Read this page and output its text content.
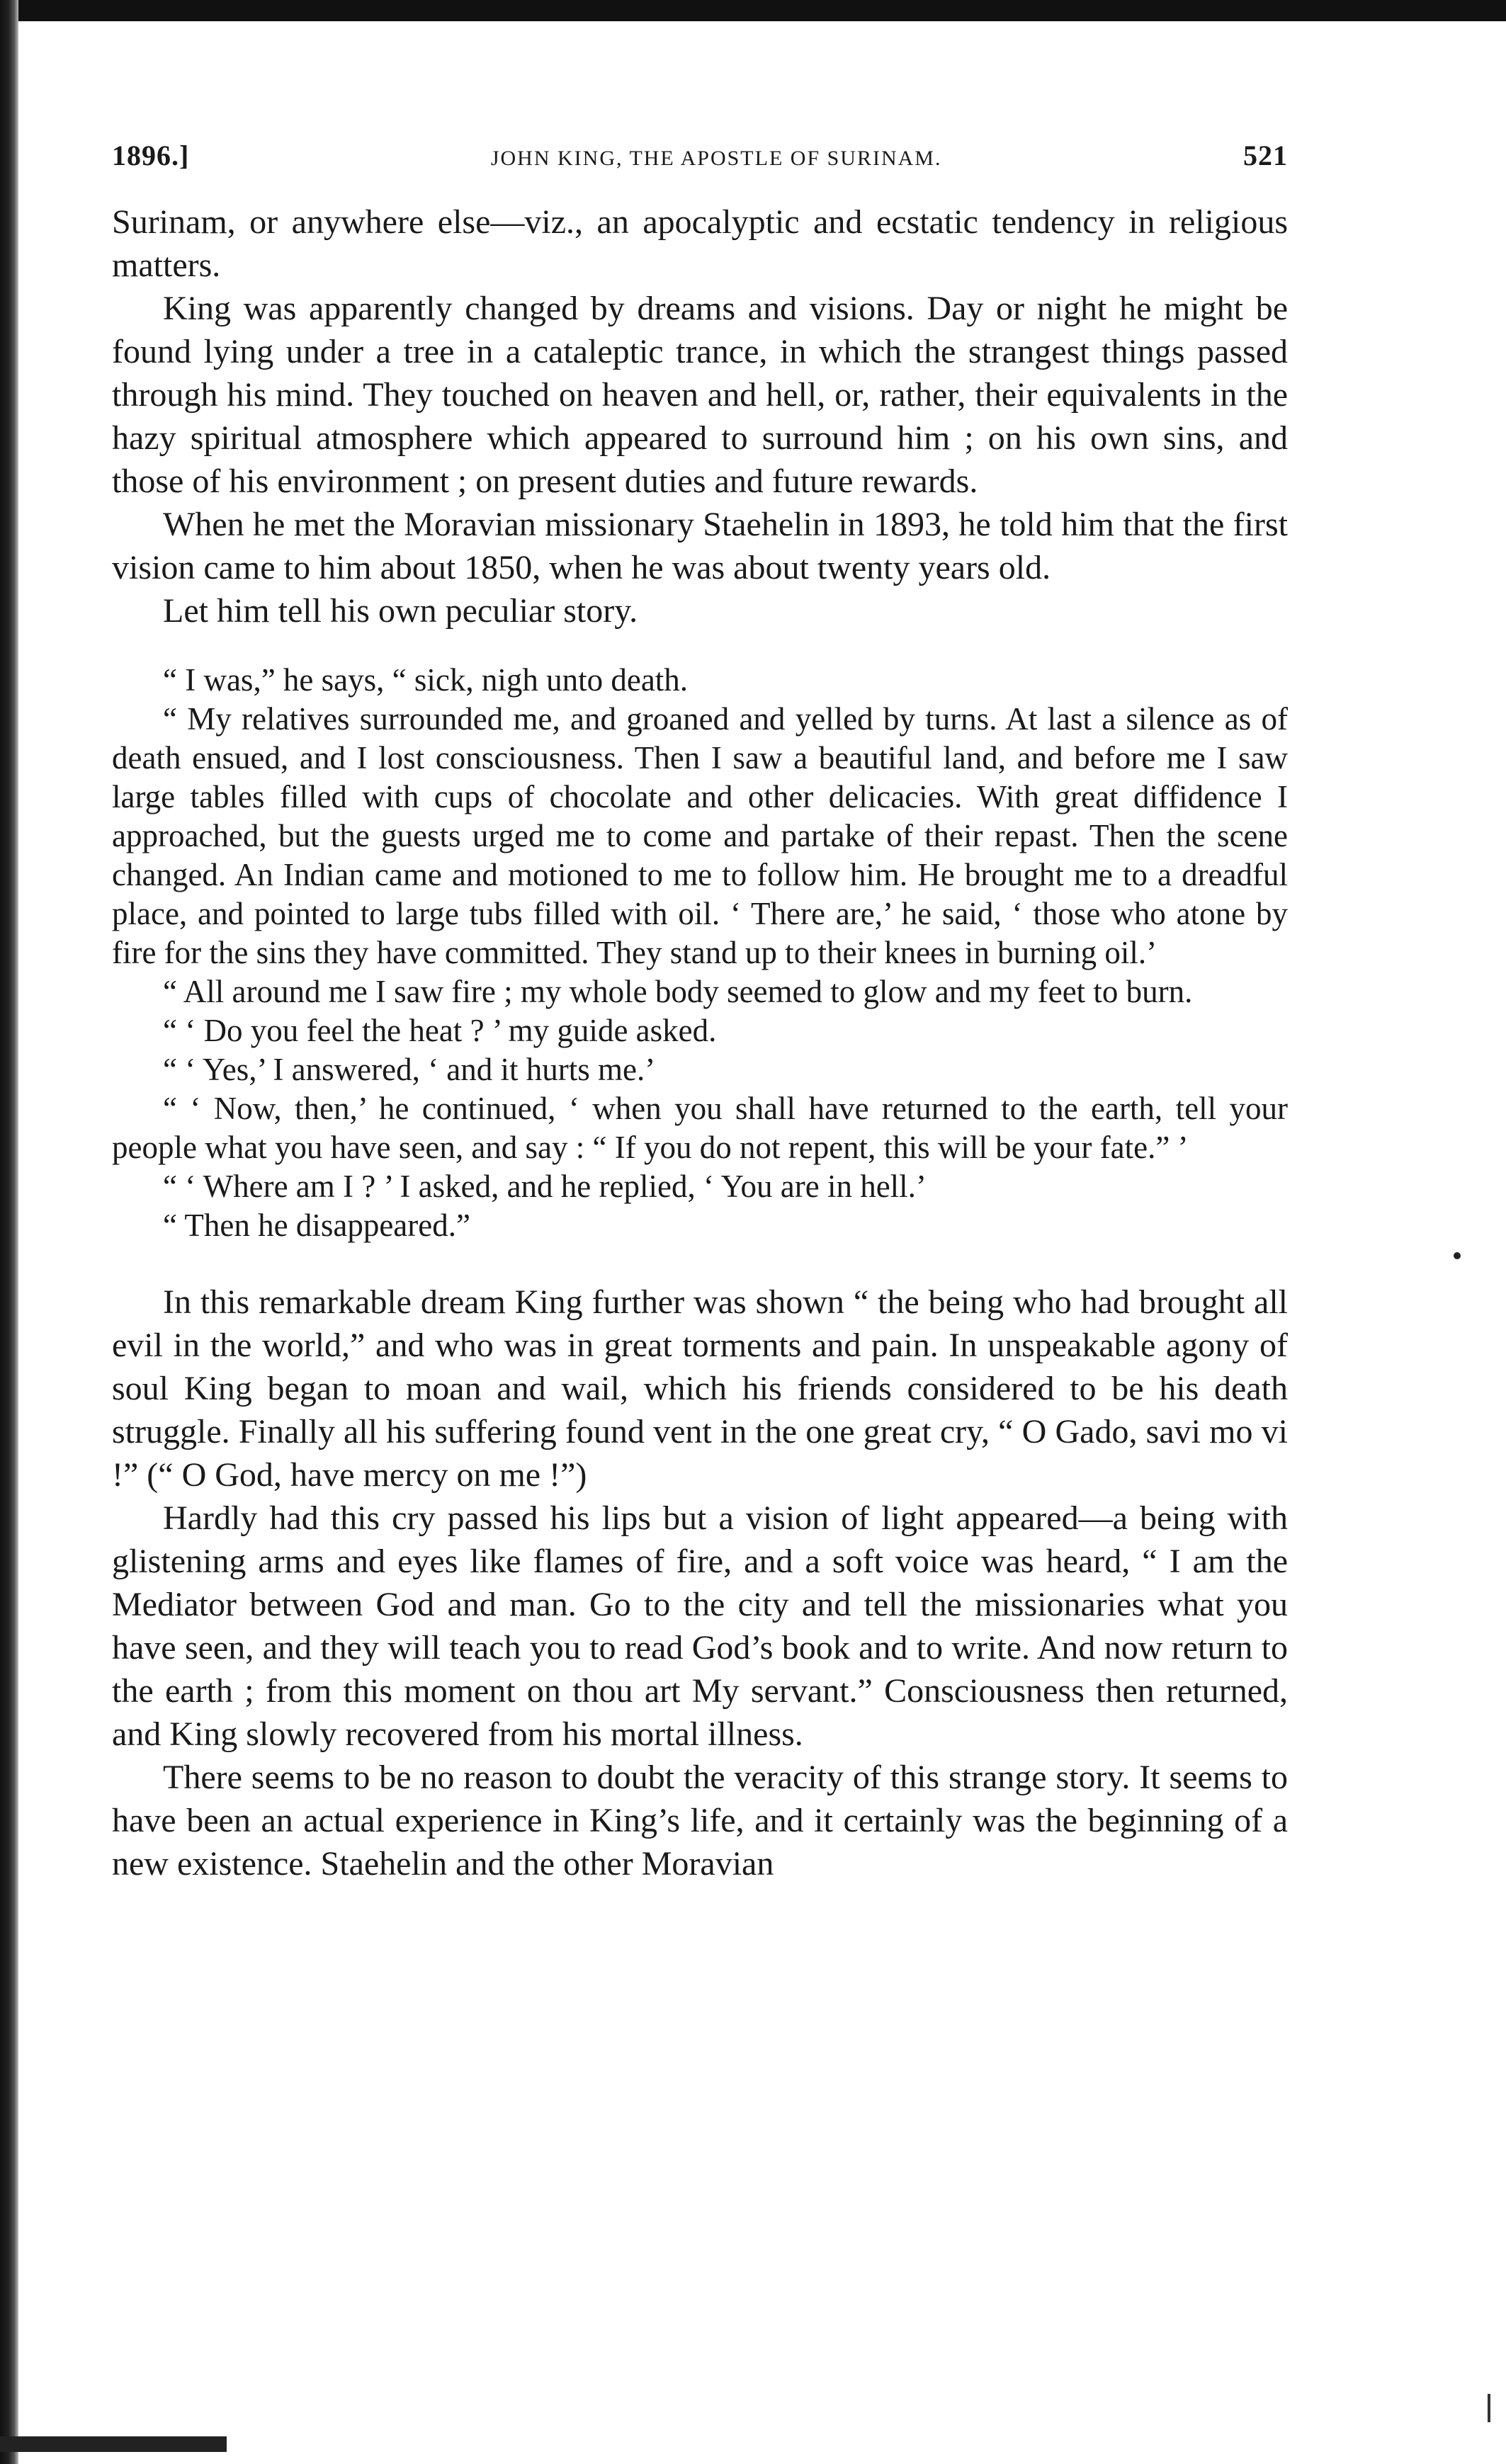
1896.]	JOHN KING, THE APOSTLE OF SURINAM.	521

Surinam, or anywhere else—viz., an apocalyptic and ecstatic tendency in religious matters.

King was apparently changed by dreams and visions. Day or night he might be found lying under a tree in a cataleptic trance, in which the strangest things passed through his mind. They touched on heaven and hell, or, rather, their equivalents in the hazy spiritual atmosphere which appeared to surround him ; on his own sins, and those of his environment ; on present duties and future rewards.

When he met the Moravian missionary Staehelin in 1893, he told him that the first vision came to him about 1850, when he was about twenty years old.

Let him tell his own peculiar story.

“ I was,” he says, “ sick, nigh unto death.

“ My relatives surrounded me, and groaned and yelled by turns. At last a silence as of death ensued, and I lost consciousness. Then I saw a beautiful land, and before me I saw large tables filled with cups of chocolate and other delicacies. With great diffidence I approached, but the guests urged me to come and partake of their repast. Then the scene changed. An Indian came and motioned to me to follow him. He brought me to a dreadful place, and pointed to large tubs filled with oil. ‘ There are,’ he said, ‘ those who atone by fire for the sins they have committed. They stand up to their knees in burning oil.’

“ All around me I saw fire ; my whole body seemed to glow and my feet to burn.

“ ‘ Do you feel the heat ? ’ my guide asked.

“ ‘ Yes,’ I answered, ‘ and it hurts me.’

“ ‘ Now, then,’ he continued, ‘ when you shall have returned to the earth, tell your people what you have seen, and say : “ If you do not repent, this will be your fate.” ’

“ ‘ Where am I ? ’ I asked, and he replied, ‘ You are in hell.’

“ Then he disappeared.”

In this remarkable dream King further was shown “ the being who had brought all evil in the world,” and who was in great torments and pain. In unspeakable agony of soul King began to moan and wail, which his friends considered to be his death struggle. Finally all his suffering found vent in the one great cry, “ O Gado, savi mo vi !” (“ O God, have mercy on me !”)

Hardly had this cry passed his lips but a vision of light appeared—a being with glistening arms and eyes like flames of fire, and a soft voice was heard, “ I am the Mediator between God and man. Go to the city and tell the missionaries what you have seen, and they will teach you to read God’s book and to write. And now return to the earth ; from this moment on thou art My servant.” Consciousness then returned, and King slowly recovered from his mortal illness.

There seems to be no reason to doubt the veracity of this strange story. It seems to have been an actual experience in King’s life, and it certainly was the beginning of a new existence. Staehelin and the other Moravian
